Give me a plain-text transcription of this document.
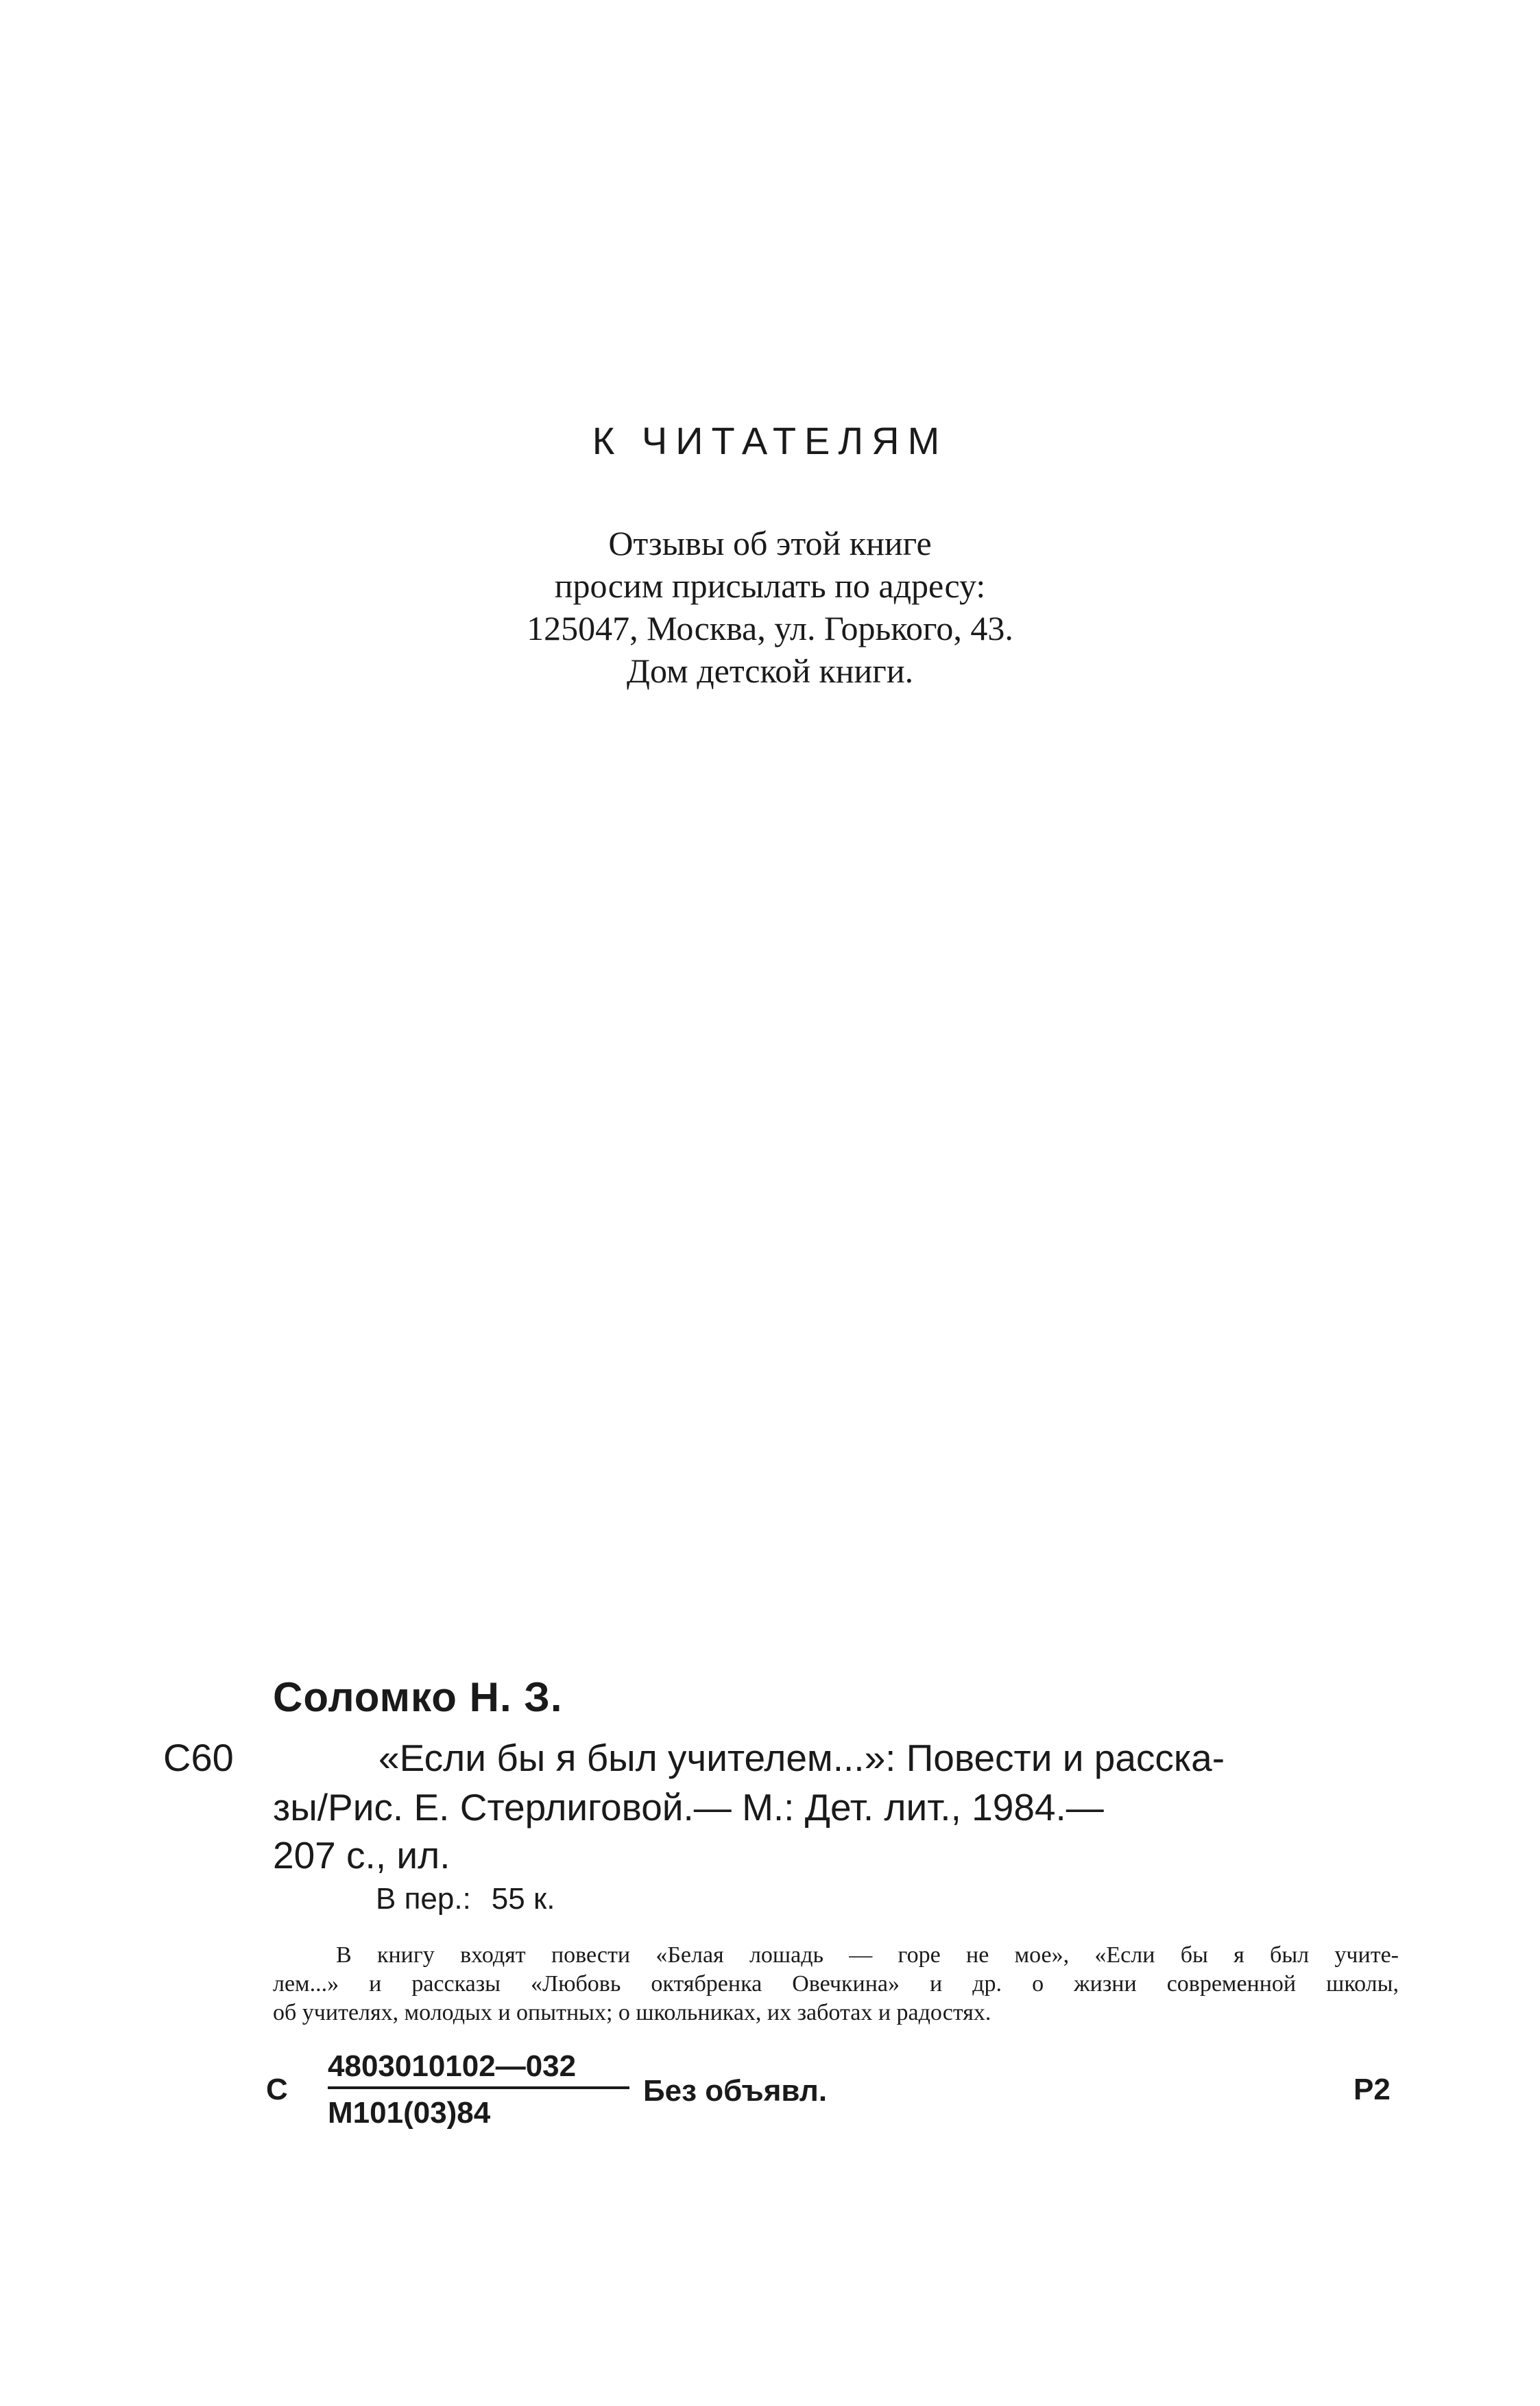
К ЧИТАТЕЛЯМ
Отзывы об этой книге
просим присылать по адресу:
125047, Москва, ул. Горького, 43.
Дом детской книги.
Соломко Н. З.
С60	«Если бы я был учителем...»: Повести и расска-
зы/Рис. Е. Стерлиговой.— М.: Дет. лит., 1984.—
207 с., ил.
В пер.: 55 к.
В книгу входят повести «Белая лошадь — горе не мое», «Если бы я был учите-
лем...» и рассказы «Любовь октябренка Овечкина» и др. о жизни современной школы,
об учителях, молодых и опытных; о школьниках, их заботах и радостях.
С
4803010102—032
М101(03)84
Без объявл.	Р2
